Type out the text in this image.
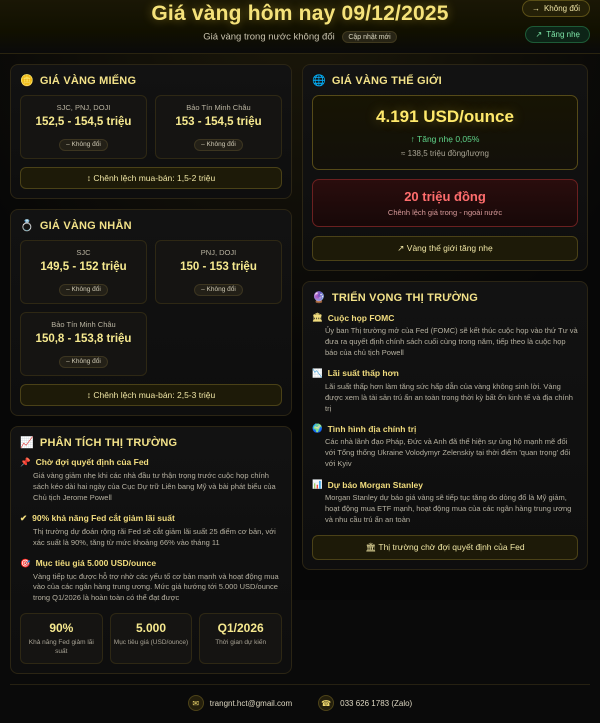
Giá vàng hôm nay 09/12/2025
Giá vàng trong nước không đổi Cập nhật mới
→ Không đổi
↗ Tăng nhẹ
🪙 GIÁ VÀNG MIẾNG
SJC, PNJ, DOJI
152,5 - 154,5 triệu
– Không đổi
Bảo Tín Minh Châu
153 - 154,5 triệu
– Không đổi
↕ Chênh lệch mua-bán: 1,5-2 triệu
💍 GIÁ VÀNG NHẪN
SJC
149,5 - 152 triệu
– Không đổi
PNJ, DOJI
150 - 153 triệu
– Không đổi
Bảo Tín Minh Châu
150,8 - 153,8 triệu
– Không đổi
↕ Chênh lệch mua-bán: 2,5-3 triệu
📈 PHÂN TÍCH THỊ TRƯỜNG
📌 Chờ đợi quyết định của Fed
Giá vàng giảm nhẹ khi các nhà đầu tư thận trọng trước cuộc họp chính sách kéo dài hai ngày của Cục Dự trữ Liên bang Mỹ và bài phát biểu của Chủ tịch Jerome Powell
✔ 90% khả năng Fed cắt giảm lãi suất
Thị trường dự đoán rộng rãi Fed sẽ cắt giảm lãi suất 25 điểm cơ bản, với xác suất là 90%, tăng từ mức khoảng 66% vào tháng 11
🎯 Mục tiêu giá 5.000 USD/ounce
Vàng tiếp tục được hỗ trợ nhờ các yếu tố cơ bản mạnh và hoạt động mua vào của các ngân hàng trung ương. Mức giá hướng tới 5.000 USD/ounce trong Q1/2026 là hoàn toàn có thể đạt được
90%
Khả năng Fed giảm lãi suất
5.000
Mục tiêu giá (USD/ounce)
Q1/2026
Thời gian dự kiến
🌐 GIÁ VÀNG THẾ GIỚI
4.191 USD/ounce
↑ Tăng nhẹ 0,05%
≈ 138,5 triệu đồng/lượng
20 triệu đồng
Chênh lệch giá trong - ngoài nước
↗ Vàng thế giới tăng nhẹ
🔮 TRIỂN VỌNG THỊ TRƯỜNG
🏛 Cuộc họp FOMC
Ủy ban Thị trường mở của Fed (FOMC) sẽ kết thúc cuộc họp vào thứ Tư và đưa ra quyết định chính sách cuối cùng trong năm, tiếp theo là cuộc họp báo của chủ tịch Powell
📉 Lãi suất thấp hơn
Lãi suất thấp hơn làm tăng sức hấp dẫn của vàng không sinh lời. Vàng được xem là tài sản trú ẩn an toàn trong thời kỳ bất ổn kinh tế và địa chính trị
🌍 Tình hình địa chính trị
Các nhà lãnh đạo Pháp, Đức và Anh đã thể hiện sự ủng hộ mạnh mẽ đối với Tổng thống Ukraine Volodymyr Zelenskiy tại thời điểm 'quan trọng' đối với Kyiv
📊 Dự báo Morgan Stanley
Morgan Stanley dự báo giá vàng sẽ tiếp tục tăng do dòng đổ là Mỹ giảm, hoạt động mua ETF mạnh, hoạt động mua của các ngân hàng trung ương và nhu cầu trú ẩn an toàn
🏛 Thị trường chờ đợi quyết định của Fed
✉	trangnt.hct@gmail.com	☎	033 626 1783 (Zalo)
